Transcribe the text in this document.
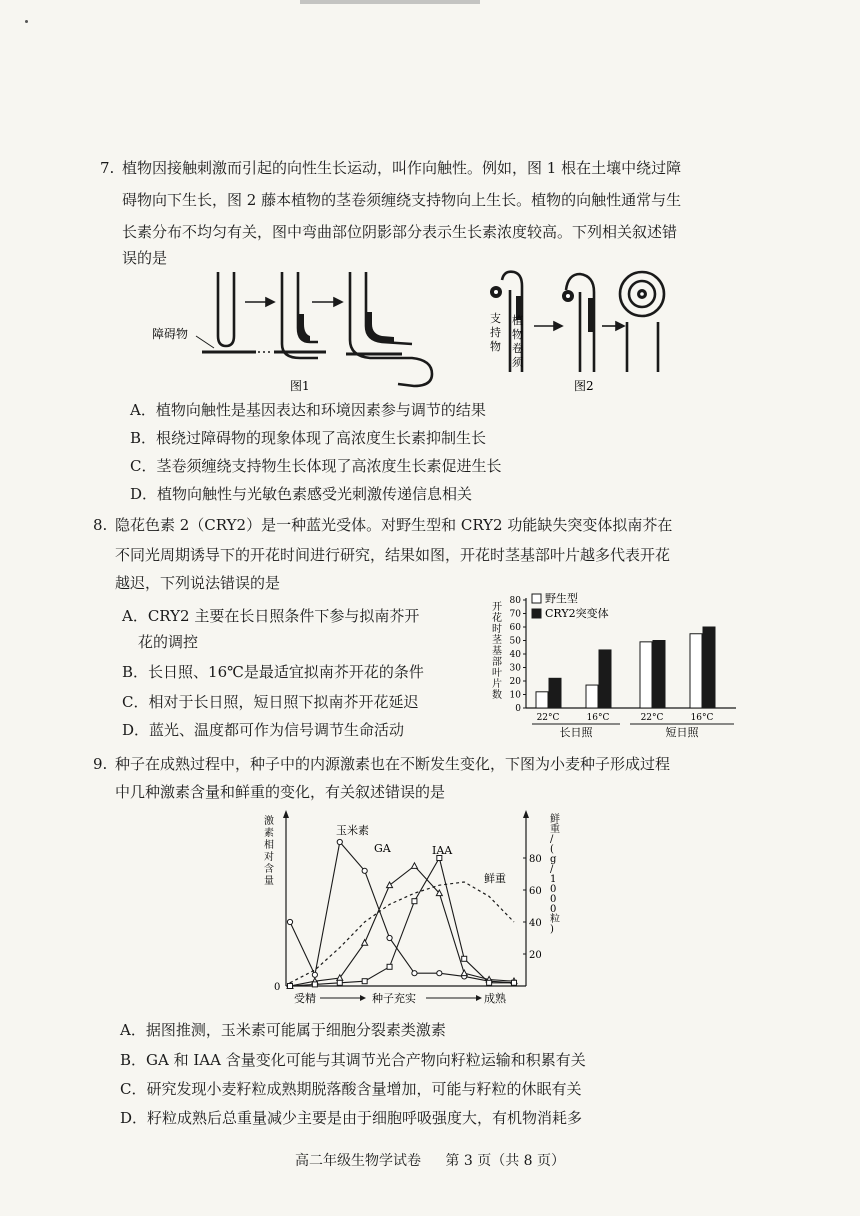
7. 植物因接触刺激而引起的向性生长运动，叫作向触性。例如，图 1 根在土壤中绕过障
碍物向下生长，图 2 藤本植物的茎卷须缠绕支持物向上生长。植物的向触性通常与生
长素分布不均匀有关，图中弯曲部位阴影部分表示生长素浓度较高。下列相关叙述错
误的是
障碍物
图1
支持物
植物卷须
图2
A．植物向触性是基因表达和环境因素参与调节的结果
B．根绕过障碍物的现象体现了高浓度生长素抑制生长
C．茎卷须缠绕支持物生长体现了高浓度生长素促进生长
D．植物向触性与光敏色素感受光刺激传递信息相关
8. 隐花色素 2（CRY2）是一种蓝光受体。对野生型和 CRY2 功能缺失突变体拟南芥在
不同光周期诱导下的开花时间进行研究，结果如图，开花时茎基部叶片越多代表开花
越迟，下列说法错误的是
A．CRY2 主要在长日照条件下参与拟南芥开
花的调控
B．长日照、16℃是最适宜拟南芥开花的条件
C．相对于长日照，短日照下拟南芥开花延迟
D．蓝光、温度都可作为信号调节生命活动
0
10
20
30
40
50
60
70
80
开花时茎基部叶片数
22°C	16°C	22°C	16°C
长日照	短日照
野生型
CRY2突变体
9. 种子在成熟过程中，种子中的内源激素也在不断发生变化，下图为小麦种子形成过程
中几种激素含量和鲜重的变化，有关叙述错误的是
20
40
60
80
0
激素相对含量
鲜重/ ( g / 1 0 0 0 粒)
玉米素
GA	IAA
鲜重
受精	种子充实	成熟
A．据图推测，玉米素可能属于细胞分裂素类激素
B．GA 和 IAA 含量变化可能与其调节光合产物向籽粒运输和积累有关
C．研究发现小麦籽粒成熟期脱落酸含量增加，可能与籽粒的休眠有关
D．籽粒成熟后总重量减少主要是由于细胞呼吸强度大，有机物消耗多
高二年级生物学试卷 第 3 页（共 8 页）
